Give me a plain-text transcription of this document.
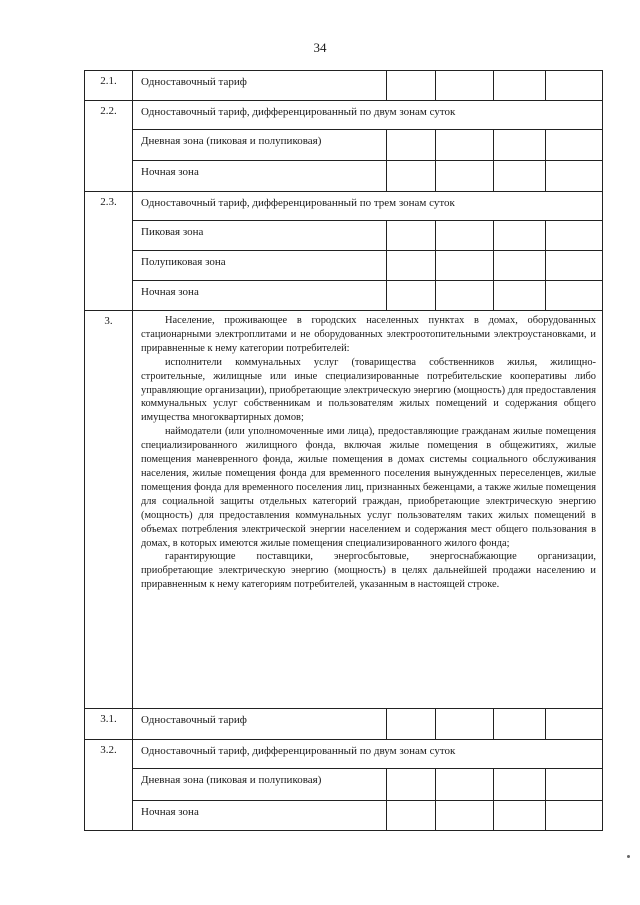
34
2.1.	Одноставочный тариф				
2.2.	Одноставочный тариф, дифференцированный по двум зонам суток				
	Дневная зона (пиковая и полупиковая)				
	Ночная зона				
2.3.	Одноставочный тариф, дифференцированный по трем зонам суток				
	Пиковая зона				
	Полупиковая зона				
	Ночная зона				
3.	Население, проживающее в городских населенных пунктах в домах, оборудованных стационарными электроплитами и не оборудованных электроотопительными электроустановками, и приравненные к нему категории потребителей:

исполнители коммунальных услуг (товарищества собственников жилья, жилищно-строительные, жилищные или иные специализированные потребительские кооперативы либо управляющие организации), приобретающие электрическую энергию (мощность) для предоставления коммунальных услуг собственникам и пользователям жилых помещений и содержания общего имущества многоквартирных домов;

наймодатели (или уполномоченные ими лица), предоставляющие гражданам жилые помещения специализированного жилищного фонда, включая жилые помещения в общежитиях, жилые помещения маневренного фонда, жилые помещения в домах системы социального обслуживания населения, жилые помещения фонда для временного поселения вынужденных переселенцев, жилые помещения фонда для временного поселения лиц, признанных беженцами, а также жилые помещения для социальной защиты отдельных категорий граждан, приобретающие электрическую энергию (мощность) для предоставления коммунальных услуг пользователям таких жилых помещений в объемах потребления электрической энергии населением и содержания мест общего пользования в домах, в которых имеются жилые помещения специализированного жилого фонда;

гарантирующие поставщики, энергосбытовые, энергоснабжающие организации, приобретающие электрическую энергию (мощность) в целях дальнейшей продажи населению и приравненным к нему категориям потребителей, указанным в настоящей строке.				

3.1.	Одноставочный тариф				
3.2.	Одноставочный тариф, дифференцированный по двум зонам суток				
	Дневная зона (пиковая и полупиковая)				
	Ночная зона				
